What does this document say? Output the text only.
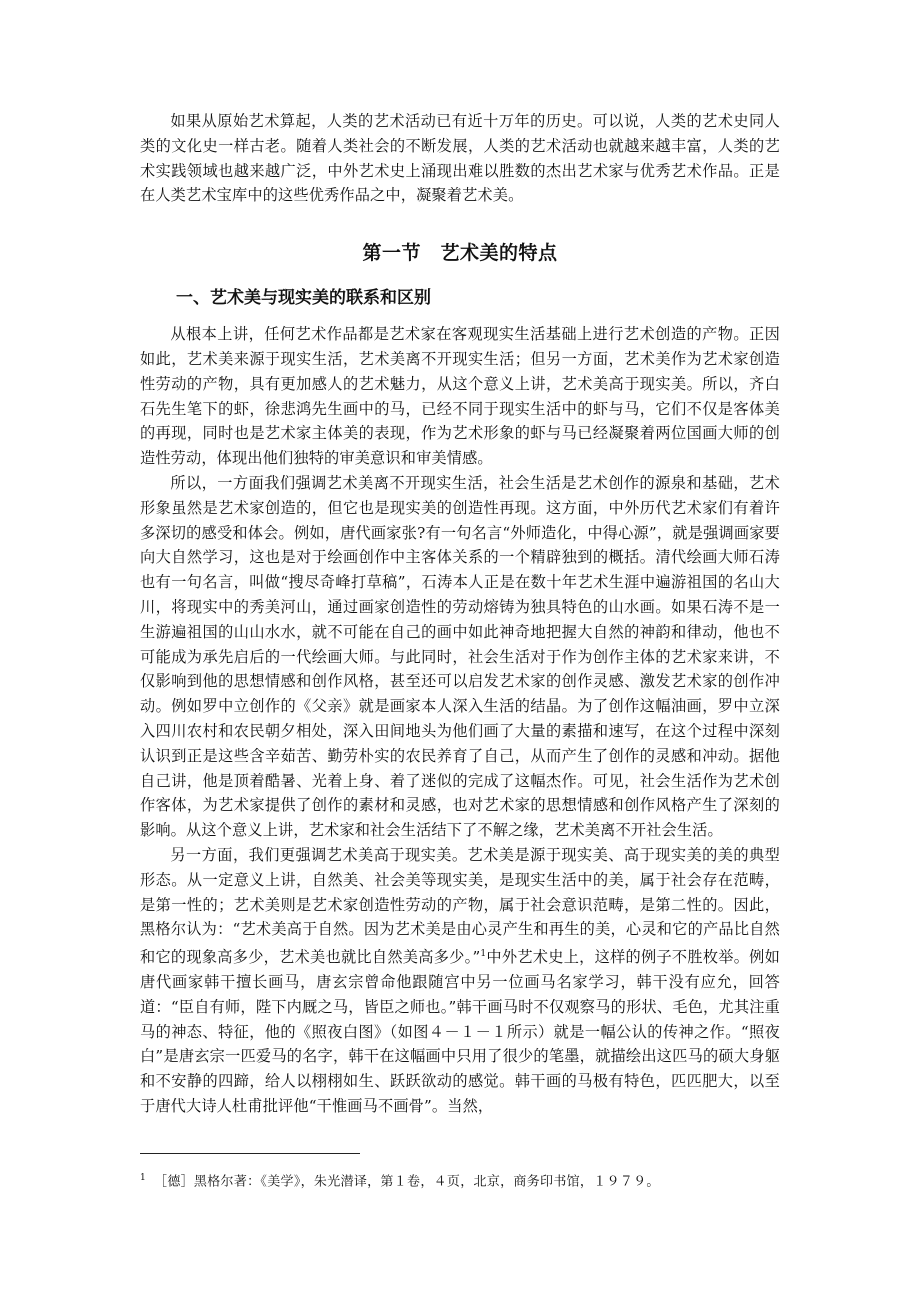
如果从原始艺术算起，人类的艺术活动已有近十万年的历史。可以说，人类的艺术史同人类的文化史一样古老。随着人类社会的不断发展，人类的艺术活动也就越来越丰富，人类的艺术实践领域也越来越广泛，中外艺术史上涌现出难以胜数的杰出艺术家与优秀艺术作品。正是在人类艺术宝库中的这些优秀作品之中，凝聚着艺术美。

第一节　艺术美的特点
一、艺术美与现实美的联系和区别

从根本上讲，任何艺术作品都是艺术家在客观现实生活基础上进行艺术创造的产物。正因如此，艺术美来源于现实生活，艺术美离不开现实生活；但另一方面，艺术美作为艺术家创造性劳动的产物，具有更加感人的艺术魅力，从这个意义上讲，艺术美高于现实美。所以，齐白石先生笔下的虾，徐悲鸿先生画中的马，已经不同于现实生活中的虾与马，它们不仅是客体美的再现，同时也是艺术家主体美的表现，作为艺术形象的虾与马已经凝聚着两位国画大师的创造性劳动，体现出他们独特的审美意识和审美情感。

所以，一方面我们强调艺术美离不开现实生活，社会生活是艺术创作的源泉和基础，艺术形象虽然是艺术家创造的，但它也是现实美的创造性再现。这方面，中外历代艺术家们有着许多深切的感受和体会。例如，唐代画家张?有一句名言“外师造化，中得心源”，就是强调画家要向大自然学习，这也是对于绘画创作中主客体关系的一个精辟独到的概括。清代绘画大师石涛也有一句名言，叫做“搜尽奇峰打草稿”，石涛本人正是在数十年艺术生涯中遍游祖国的名山大川，将现实中的秀美河山，通过画家创造性的劳动熔铸为独具特色的山水画。如果石涛不是一生游遍祖国的山山水水，就不可能在自己的画中如此神奇地把握大自然的神韵和律动，他也不可能成为承先启后的一代绘画大师。与此同时，社会生活对于作为创作主体的艺术家来讲，不仅影响到他的思想情感和创作风格，甚至还可以启发艺术家的创作灵感、激发艺术家的创作冲动。例如罗中立创作的《父亲》就是画家本人深入生活的结晶。为了创作这幅油画，罗中立深入四川农村和农民朝夕相处，深入田间地头为他们画了大量的素描和速写，在这个过程中深刻认识到正是这些含辛茹苦、勤劳朴实的农民养育了自己，从而产生了创作的灵感和冲动。据他自己讲，他是顶着酷暑、光着上身、着了迷似的完成了这幅杰作。可见，社会生活作为艺术创作客体，为艺术家提供了创作的素材和灵感，也对艺术家的思想情感和创作风格产生了深刻的影响。从这个意义上讲，艺术家和社会生活结下了不解之缘，艺术美离不开社会生活。

另一方面，我们更强调艺术美高于现实美。艺术美是源于现实美、高于现实美的美的典型形态。从一定意义上讲，自然美、社会美等现实美，是现实生活中的美，属于社会存在范畴，是第一性的；艺术美则是艺术家创造性劳动的产物，属于社会意识范畴，是第二性的。因此，黑格尔认为：“艺术美高于自然。因为艺术美是由心灵产生和再生的美，心灵和它的产品比自然和它的现象高多少，艺术美也就比自然美高多少。”$^1$中外艺术史上，这样的例子不胜枚举。例如唐代画家韩干擅长画马，唐玄宗曾命他跟随宫中另一位画马名家学习，韩干没有应允，回答道：“臣自有师，陛下内厩之马，皆臣之师也。”韩干画马时不仅观察马的形状、毛色，尤其注重马的神态、特征，他的《照夜白图》（如图４－１－１所示）就是一幅公认的传神之作。“照夜白”是唐玄宗一匹爱马的名字，韩干在这幅画中只用了很少的笔墨，就描绘出这匹马的硕大身躯和不安静的四蹄，给人以栩栩如生、跃跃欲动的感觉。韩干画的马极有特色，匹匹肥大，以至于唐代大诗人杜甫批评他“干惟画马不画骨”。当然，

$^1$ ［德］黑格尔著：《美学》，朱光潜译，第１卷，４页，北京，商务印书馆，１９７９。
